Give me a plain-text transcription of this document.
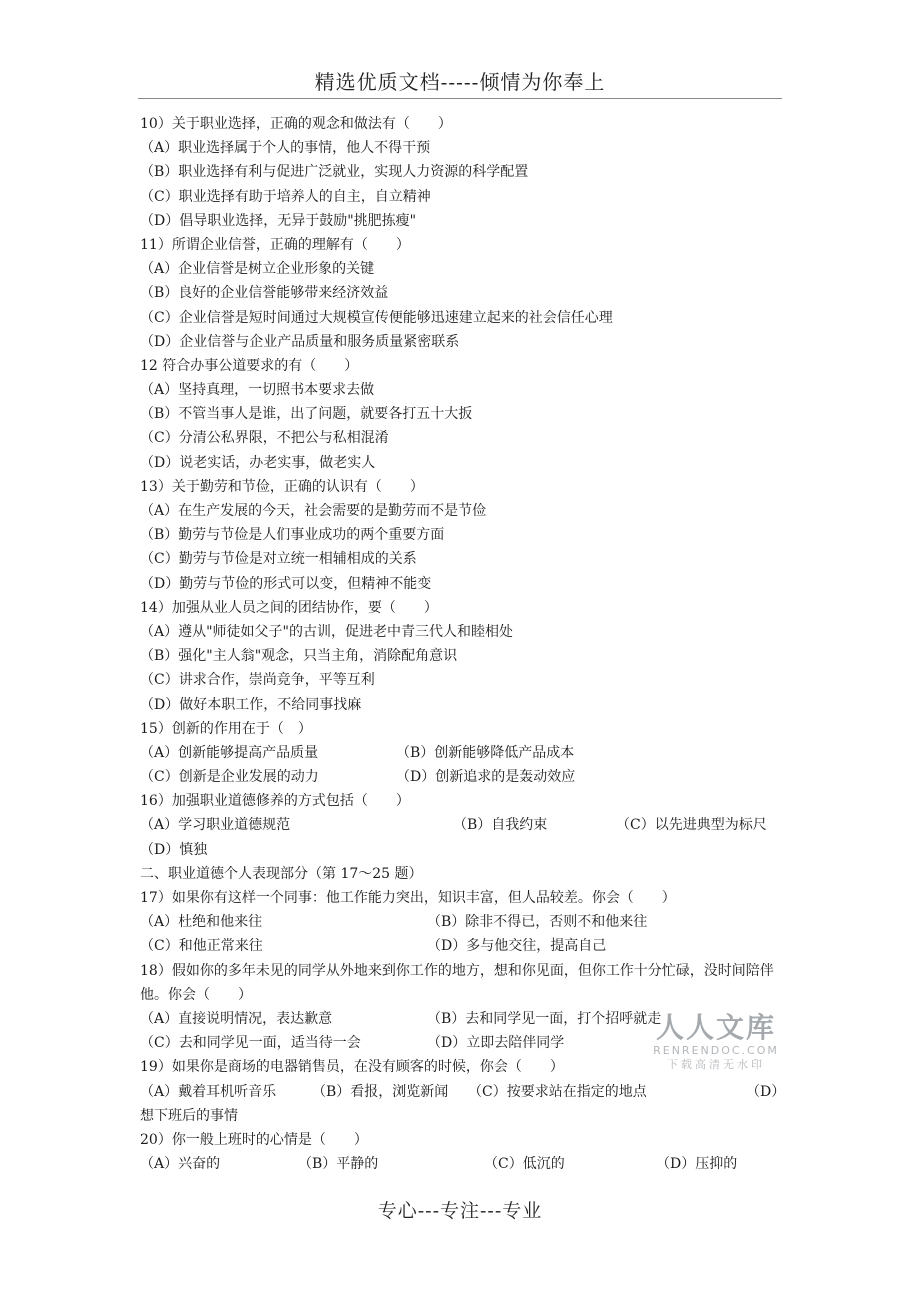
精选优质文档-----倾情为你奉上
10）关于职业选择，正确的观念和做法有（　　）
（A）职业选择属于个人的事情，他人不得干预
（B）职业选择有利与促进广泛就业，实现人力资源的科学配置
（C）职业选择有助于培养人的自主，自立精神
（D）倡导职业选择，无异于鼓励"挑肥拣瘦"
11）所谓企业信誉，正确的理解有（　　）
（A）企业信誉是树立企业形象的关键
（B）良好的企业信誉能够带来经济效益
（C）企业信誉是短时间通过大规模宣传便能够迅速建立起来的社会信任心理
（D）企业信誉与企业产品质量和服务质量紧密联系
12 符合办事公道要求的有（　　）
（A）坚持真理，一切照书本要求去做
（B）不管当事人是谁，出了问题，就要各打五十大扳
（C）分清公私界限，不把公与私相混淆
（D）说老实话，办老实事，做老实人
13）关于勤劳和节俭，正确的认识有（　　）
（A）在生产发展的今天，社会需要的是勤劳而不是节俭
（B）勤劳与节俭是人们事业成功的两个重要方面
（C）勤劳与节俭是对立统一相辅相成的关系
（D）勤劳与节俭的形式可以变，但精神不能变
14）加强从业人员之间的团结协作，要（　　）
（A）遵从"师徒如父子"的古训，促进老中青三代人和睦相处
（B）强化"主人翁"观念，只当主角，消除配角意识
（C）讲求合作，崇尚竞争，平等互利
（D）做好本职工作，不给同事找麻
15）创新的作用在于（　）
（A）创新能够提高产品质量	（B）创新能够降低产品成本
（C）创新是企业发展的动力	（D）创新追求的是轰动效应
16）加强职业道德修养的方式包括（　　）
（A）学习职业道德规范	（B）自我约束	（C）以先进典型为标尺
（D）慎独
二、职业道德个人表现部分（第 17～25 题）
17）如果你有这样一个同事：他工作能力突出，知识丰富，但人品较差。你会（　　）
（A）杜绝和他来往	（B）除非不得已，否则不和他来往
（C）和他正常来往	（D）多与他交往，提高自己
18）假如你的多年未见的同学从外地来到你工作的地方，想和你见面，但你工作十分忙碌，没时间陪伴他。你会（　　）
（A）直接说明情况，表达歉意	（B）去和同学见一面，打个招呼就走
（C）去和同学见一面，适当待一会	（D）立即去陪伴同学
19）如果你是商场的电器销售员，在没有顾客的时候，你会（　　）
（A）戴着耳机听音乐	（B）看报，浏览新闻	（C）按要求站在指定的地点	（D）
想下班后的事情
20）你一般上班时的心情是（　　）
（A）兴奋的	（B）平静的	（C）低沉的	（D）压抑的
人人文库
RENRENDOC.COM
下载高清无水印
专心---专注---专业
